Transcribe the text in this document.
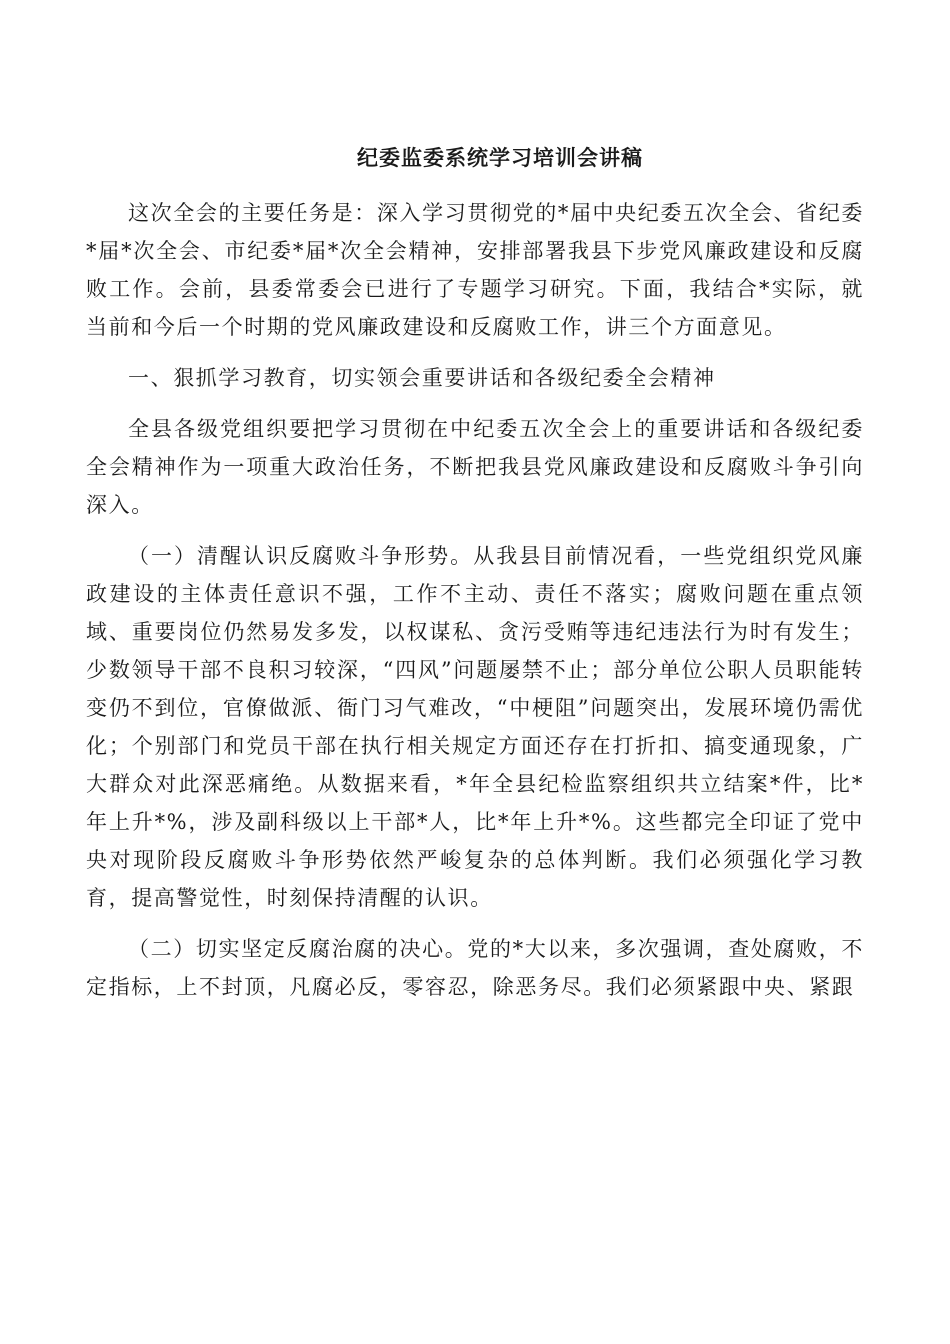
纪委监委系统学习培训会讲稿

这次全会的主要任务是：深入学习贯彻党的*届中央纪委五次全会、省纪委*届*次全会、市纪委*届*次全会精神，安排部署我县下步党风廉政建设和反腐败工作。会前，县委常委会已进行了专题学习研究。下面，我结合*实际，就当前和今后一个时期的党风廉政建设和反腐败工作，讲三个方面意见。

一、狠抓学习教育，切实领会重要讲话和各级纪委全会精神

全县各级党组织要把学习贯彻在中纪委五次全会上的重要讲话和各级纪委全会精神作为一项重大政治任务，不断把我县党风廉政建设和反腐败斗争引向深入。

（一）清醒认识反腐败斗争形势。从我县目前情况看，一些党组织党风廉政建设的主体责任意识不强，工作不主动、责任不落实；腐败问题在重点领域、重要岗位仍然易发多发，以权谋私、贪污受贿等违纪违法行为时有发生；少数领导干部不良积习较深，“四风”问题屡禁不止；部分单位公职人员职能转变仍不到位，官僚做派、衙门习气难改，“中梗阻”问题突出，发展环境仍需优化；个别部门和党员干部在执行相关规定方面还存在打折扣、搞变通现象，广大群众对此深恶痛绝。从数据来看，*年全县纪检监察组织共立结案*件，比*年上升*%，涉及副科级以上干部*人，比*年上升*%。这些都完全印证了党中央对现阶段反腐败斗争形势依然严峻复杂的总体判断。我们必须强化学习教育，提高警觉性，时刻保持清醒的认识。

（二）切实坚定反腐治腐的决心。党的*大以来，多次强调，查处腐败，不定指标，上不封顶，凡腐必反，零容忍，除恶务尽。我们必须紧跟中央、紧跟
